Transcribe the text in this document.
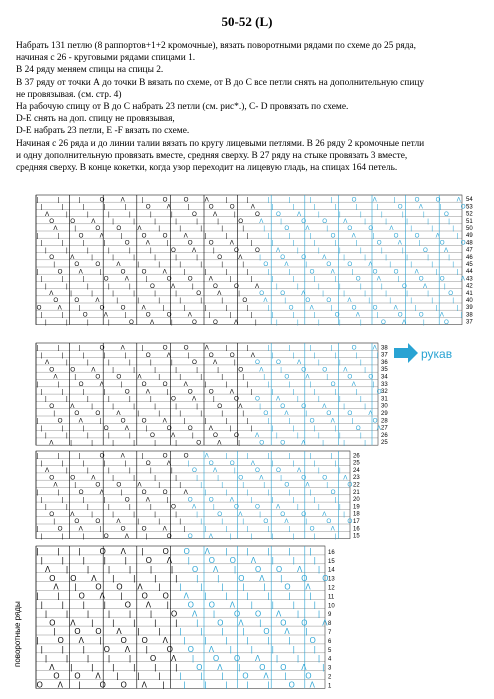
50-52 (L)

Набрать 131 петлю (8 раппортов+1+2 кромочные), вязать поворотными рядами по схеме до 25 ряда,

начиная с 26 - круговыми рядами спицами 1.

В 24 ряду меняем спицы на спицы 2.

В 37 ряду от точки А до точки В вязать по схеме, от В до С все петли снять на дополнительную спицу

не провязывая. (см. стр. 4)

На рабочую спицу от В до С набрать 23 петли (см. рис*.), С- D провязать по схеме.

D-E снять на доп. спицу не провязывая,

D-E набрать 23 петли, E -F вязать по схеме.

Начиная с 26 ряда и до линии талии вязать по кругу лицевыми петлями. В 26 ряду 2 кромочные петли

и одну дополнительную провязать вместе, средняя сверху. В 27 ряду на стыке провязать 3 вместе,

средняя сверху. В конце кокетки, когда узор переходит на лицевую гладь, на спицах 164 петель.

54
53
52
51
50
49
48
47
46
45
44
43
42
41
40
39
38
37
|
|
|
O
|
|
|
|
Λ
|
|
|
O
O
Λ
Λ
|
O
|
|
O
Λ
|
|
|
|
|
|
|
|
O
Λ
|
|
O
O
|
O
Λ
|
|
|
|
O
|
|
|
|
Λ
|
|
O
O
Λ
O
Λ
|
O
|
|
O
Λ
|
|
|
|
|
|
|
O
Λ
|
Λ
|
O
O
|
O
Λ
|
|
|
|
O
|
|
|
Λ
|
|
|
O
O
Λ
O
Λ
|
O
|
|
O
Λ
|
|
|
|
|
|
O
O
Λ
|
Λ
|
O
O
|
O
Λ
|
|
|
|
|
|
|
O
Λ
|
|
|
O
O
Λ
O
Λ
|
O
|
|
O
|
|
|
Λ
|
|
|
O
O
Λ
|
Λ
|
O
O
|
O
Λ
|
|
|
|
|
|
|
O
Λ
|
|
|
O
O
Λ
O
Λ
|
|
|
O
|
|
|
|
Λ
|
|
|
O
O
Λ
|
Λ
|
O
|
O
Λ
|
|
|
|
|
|
|
|
O
Λ
|
|
|
O
O
O
Λ
|
|
|
|
O
|
|
|
|
Λ
|
|
|
O
O
Λ
Λ
|
O
|
|
O
Λ
|
|
|
|
|
|
|
|
O
Λ
|
|
O
O
|
O
Λ
|
|
|
|
O
|
|
|
|
Λ
|
|
O
O
Λ
O
Λ
|
O
|
|
O
Λ
|
|
|
|
|
|
|
O
Λ
|
Λ
|
O
O
|
O
Λ
|
|
|
|
O
|
|
|
Λ
|
|
|
O
O
Λ
O
Λ
|
O
|
|
O
Λ
|
|
|
|
|
|
O
O
Λ
|
Λ
|
O
O
|
O
Λ
|
|
|
|
|
|
|
O
Λ
|
|
|
O
O
Λ
O
Λ
|
O
|
|
O
|
|
|
Λ
|
|
|
O
O
Λ
|
38
37
36
35
34
33
32
31
30
29
28
27
26
25
|
|
|
|
|
|
Λ
|
|
O
O
Λ
Λ
|
|
|
O
|
|
|
|
|
|
O
Λ
|
|
O
|
O
Λ
|
|
|
|
|
|
Λ
|
|
O
O
O
Λ
|
|
|
O
|
|
|
|
|
|
O
Λ
Λ
|
O
|
O
Λ
|
|
|
|
|
|
Λ
|
|
O
O
O
Λ
|
|
|
O
|
|
|
|
|
O
O
Λ
Λ
|
O
|
O
Λ
|
|
|
|
|
O
Λ
|
|
O
O
O
Λ
|
|
|
O
|
|
Λ
|
|
O
O
Λ
Λ
|
O
|
O
Λ
|
|
|
|
|
O
Λ
|
|
O
O
O
Λ
|
|
|
|
|
|
Λ
|
|
O
O
Λ
Λ
|
O
|
O
|
|
|
|
|
|
O
Λ
|
|
O
O
O
Λ
|
|
|
|
|
|
Λ
|
|
O
O
Λ
Λ
|
|
|
O
|
|
|
|
|
|
O
Λ
|
|
O
|
O
Λ
|
|
|
|
|
|
Λ
|
|
O
O
O
Λ
|
|
|
O
|
|
|
|
|
|
O
Λ
Λ
|
O
|
O
Λ
26
25
24
23
22
21
20
19
18
17
16
15
|
|
|
|
|
|
Λ
|
O
O
Λ
|
|
|
O
|
|
|
|
|
O
Λ
|
O
|
O
Λ
|
|
|
|
|
Λ
|
O
O
O
Λ
|
|
|
O
|
|
|
|
O
Λ
Λ
|
O
|
O
Λ
|
|
|
|
Λ
|
|
O
O
O
Λ
|
|
|
|
|
|
|
O
O
Λ
Λ
|
O
|
O
|
|
|
|
O
Λ
|
|
O
O
O
Λ
|
|
|
|
Λ
|
|
O
O
Λ
Λ
|
|
O
|
|
|
|
|
O
Λ
|
|
O
O
Λ
|
|
|
|
|
Λ
|
|
O
O
Λ
|
|
O
|
|
|
|
|
|
O
Λ
|
O
O
Λ
|
|
|
|
|
|
Λ
|
O
O
Λ
|
|
|
O
|
|
|
|
|
O
Λ
|
O
|
O
Λ
|
|
|
|
|
Λ
|
O
O
16
15
14
13
12
11
10
9
8
7
6
5
4
3
2
1
|
|
|
O
|
|
|
Λ
|
|
O
O
Λ
Λ
|
O
|
|
O
Λ
|
|
|
|
|
|
O
Λ
|
|
O
O
|
O
Λ
|
|
|
|
|
|
|
Λ
|
|
O
O
Λ
O
Λ
|
O
|
|
O
|
|
|
|
|
|
O
Λ
|
Λ
|
O
O
|
O
Λ
|
|
|
|
|
|
Λ
|
|
|
O
O
Λ
O
Λ
|
|
|
O
|
|
|
|
|
|
O
O
Λ
|
Λ
|
O
|
O
Λ
|
|
|
|
|
|
O
Λ
|
|
|
O
O
O
Λ
|
|
|
O
|
|
|
Λ
|
|
|
O
O
Λ
Λ
|
O
|
O
Λ
|
|
|
|
|
|
|
O
Λ
|
|
O
O
O
Λ
|
|
|
O
|
|
|
|
Λ
|
|
O
O
Λ
Λ
|
O
|
O
Λ
|
|
|
|
|
|
|
O
Λ
|
|
O
O
O
Λ
|
|
|
|
O
|
|
|
Λ
|
|
O
O
Λ
Λ
|
O
|
|
O
Λ
|
|
|
|
|
|
O
Λ
|
рукав
поворотные ряды
